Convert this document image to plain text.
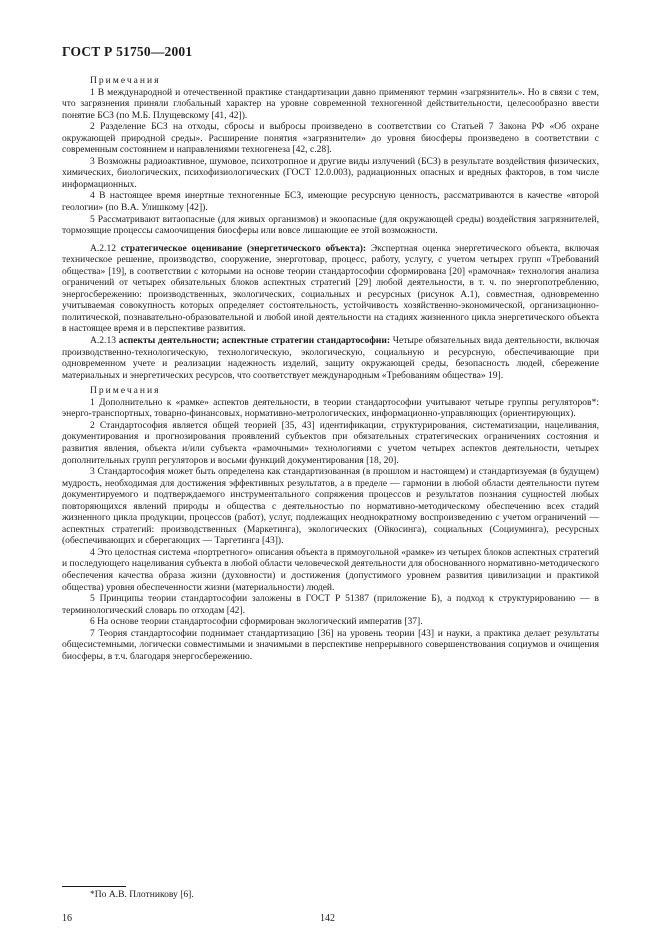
ГОСТ Р 51750—2001

Примечания

1 В международной и отечественной практике стандартизации давно применяют термин «загрязнитель». Но в связи с тем, что загрязнения приняли глобальный характер на уровне современной техногенной действительности, целесообразно ввести понятие БСЗ (по М.Б. Плущевскому [41, 42]).

2 Разделение БСЗ на отходы, сбросы и выбросы произведено в соответствии со Статьей 7 Закона РФ «Об охране окружающей природной среды». Расширение понятия «загрязнители» до уровня биосферы произведено в соответствии с современным состоянием и направлениями техногенеза [42, с.28].

3 Возможны радиоактивное, шумовое, психотропное и другие виды излучений (БСЗ) в результате воздействия физических, химических, биологических, психофизиологических (ГОСТ 12.0.003), радиационных опасных и вредных факторов, в том числе информационных.

4 В настоящее время инертные техногенные БСЗ, имеющие ресурсную ценность, рассматриваются в качестве «второй геологии» (по В.А. Улишкому [42]).

5 Рассматривают витаопасные (для живых организмов) и экоопасные (для окружающей среды) воздействия загрязнителей, тормозящие процессы самоочищения биосферы или вовсе лишающие ее этой возможности.

А.2.12 стратегическое оценивание (энергетического объекта): Экспертная оценка энергетического объекта, включая техническое решение, производство, сооружение, энерготовар, процесс, работу, услугу, с учетом четырех групп «Требований общества» [19], в соответствии с которыми на основе теории стандартософии сформирована [20] «рамочная» технология анализа ограничений от четырех обязательных блоков аспектных стратегий [29] любой деятельности, в т. ч. по энергопотреблению, энергосбережению: производственных, экологических, социальных и ресурсных (рисунок А.1), совместная, одновременно учитываемая совокупность которых определяет состоятельность, устойчивость хозяйственно-экономической, организационно-политической, познавательно-образовательной и любой иной деятельности на стадиях жизненного цикла энергетического объекта в настоящее время и в перспективе развития.

А.2.13 аспекты деятельности; аспектные стратегии стандартософии: Четыре обязательных вида деятельности, включая производственно-технологическую, технологическую, экологическую, социальную и ресурсную, обеспечивающие при одновременном учете и реализации надежность изделий, защиту окружающей среды, безопасность людей, сбережение материальных и энергетических ресурсов, что соответствует международным «Требованиям общества» 19].

Примечания

1 Дополнительно к «рамке» аспектов деятельности, в теории стандартософии учитывают четыре группы регуляторов*: энерго-транспортных, товарно-финансовых, нормативно-метрологических, информационно-управляющих (ориентирующих).

2 Стандартософия является общей теорией [35, 43] идентификации, структурирования, систематизации, нацеливания, документирования и прогнозирования проявлений субъектов при обязательных стратегических ограничениях состояния и развития явления, объекта и/или субъекта «рамочными» технологиями с учетом четырех аспектов деятельности, четырех дополнительных групп регуляторов и восьми функций документирования [18, 20].

3 Стандартософия может быть определена как стандартизованная (в прошлом и настоящем) и стандартизуемая (в будущем) мудрость, необходимая для достижения эффективных результатов, а в пределе — гармонии в любой области деятельности путем документируемого и подтверждаемого инструментального сопряжения процессов и результатов познания сущностей любых повторяющихся явлений природы и общества с деятельностью по нормативно-методическому обеспечению всех стадий жизненного цикла продукции, процессов (работ), услуг, подлежащих неоднократному воспроизведению с учетом ограничений — аспектных стратегий: производственных (Маркетинга), экологических (Ойкосинга), социальных (Социуминга), ресурсных (обеспечивающих и сберегающих — Таргетинга [43]).

4 Это целостная система «портретного» описания объекта в прямоугольной «рамке» из четырех блоков аспектных стратегий и последующего нацеливания субъекта в любой области человеческой деятельности для обоснованного нормативно-методического обеспечения качества образа жизни (духовности) и достижения (допустимого уровнем развития цивилизации и практикой общества) уровня обеспеченности жизни (материальности) людей.

5 Принципы теории стандартософии заложены в ГОСТ Р 51387 (приложение Б), а подход к структурированию — в терминологический словарь по отходам [42].

6 На основе теории стандартософии сформирован экологический императив [37].

7 Теория стандартософии поднимает стандартизацию [36] на уровень теории [43] и науки, а практика делает результаты общесистемными, логически совместимыми и значимыми в перспективе непрерывного совершенствования социумов и очищения биосферы, в т.ч. благодаря энергосбережению.

*По А.В. Плотникову [6].
16	142
